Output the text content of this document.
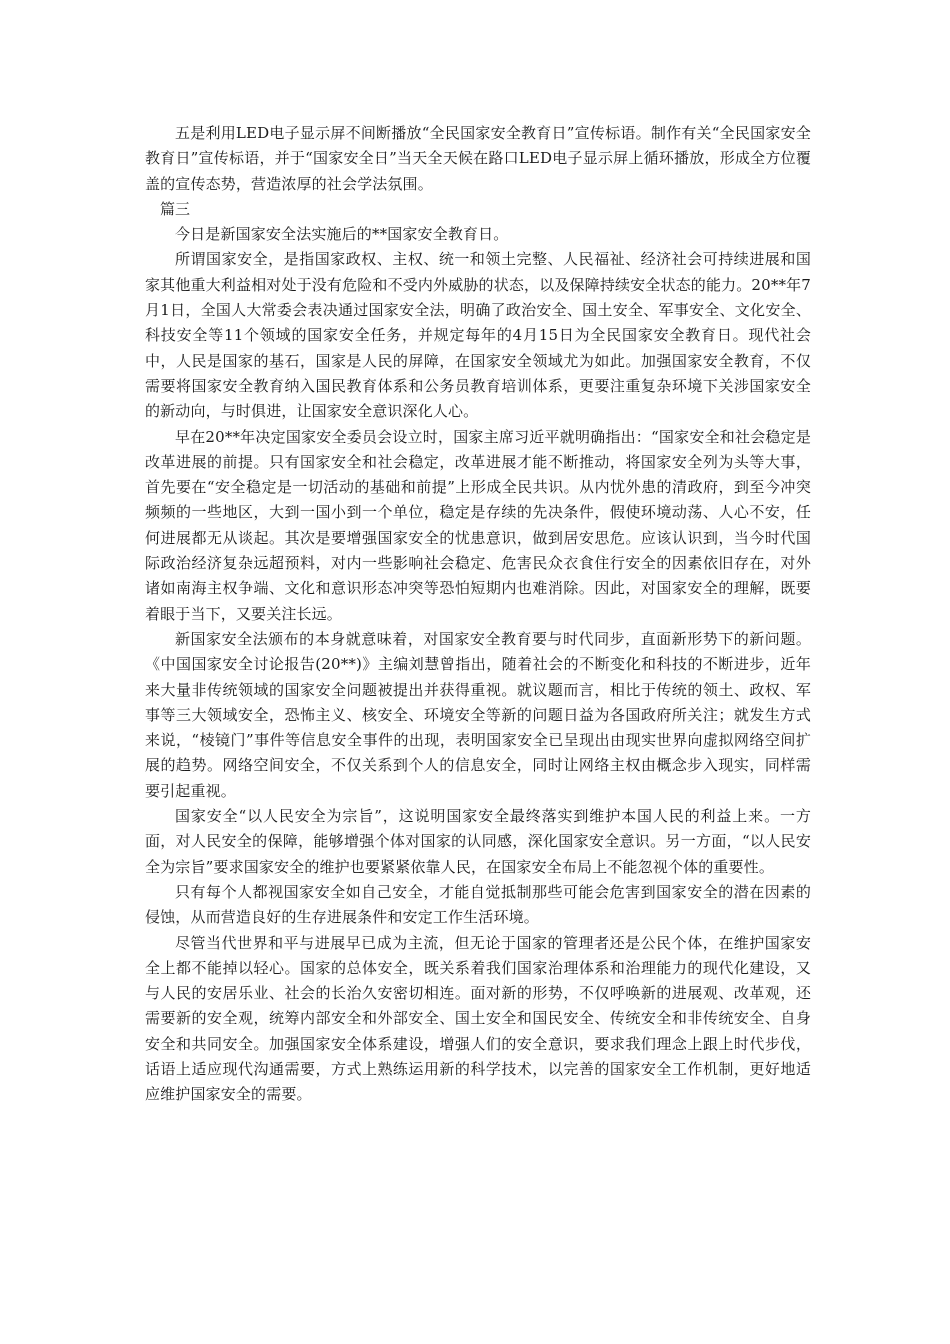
五是利用LED电子显示屏不间断播放“全民国家安全教育日”宣传标语。制作有关“全民国家安全教育日”宣传标语，并于“国家安全日”当天全天候在路口LED电子显示屏上循环播放，形成全方位覆盖的宣传态势，营造浓厚的社会学法氛围。

篇三

今日是新国家安全法实施后的**国家安全教育日。

所谓国家安全，是指国家政权、主权、统一和领土完整、人民福祉、经济社会可持续进展和国家其他重大利益相对处于没有危险和不受内外威胁的状态，以及保障持续安全状态的能力。20**年7月1日，全国人大常委会表决通过国家安全法，明确了政治安全、国土安全、军事安全、文化安全、科技安全等11个领域的国家安全任务，并规定每年的4月15日为全民国家安全教育日。现代社会中，人民是国家的基石，国家是人民的屏障，在国家安全领域尤为如此。加强国家安全教育，不仅需要将国家安全教育纳入国民教育体系和公务员教育培训体系，更要注重复杂环境下关涉国家安全的新动向，与时俱进，让国家安全意识深化人心。

早在20**年决定国家安全委员会设立时，国家主席习近平就明确指出：“国家安全和社会稳定是改革进展的前提。只有国家安全和社会稳定，改革进展才能不断推动，将国家安全列为头等大事，首先要在“安全稳定是一切活动的基础和前提”上形成全民共识。从内忧外患的清政府，到至今冲突频频的一些地区，大到一国小到一个单位，稳定是存续的先决条件，假使环境动荡、人心不安，任何进展都无从谈起。其次是要增强国家安全的忧患意识，做到居安思危。应该认识到，当今时代国际政治经济复杂远超预料，对内一些影响社会稳定、危害民众衣食住行安全的因素依旧存在，对外诸如南海主权争端、文化和意识形态冲突等恐怕短期内也难消除。因此，对国家安全的理解，既要着眼于当下，又要关注长远。

新国家安全法颁布的本身就意味着，对国家安全教育要与时代同步，直面新形势下的新问题。《中国国家安全讨论报告(20**)》主编刘慧曾指出，随着社会的不断变化和科技的不断进步，近年来大量非传统领域的国家安全问题被提出并获得重视。就议题而言，相比于传统的领土、政权、军事等三大领域安全，恐怖主义、核安全、环境安全等新的问题日益为各国政府所关注；就发生方式来说，“棱镜门”事件等信息安全事件的出现，表明国家安全已呈现出由现实世界向虚拟网络空间扩展的趋势。网络空间安全，不仅关系到个人的信息安全，同时让网络主权由概念步入现实，同样需要引起重视。

国家安全“以人民安全为宗旨”，这说明国家安全最终落实到维护本国人民的利益上来。一方面，对人民安全的保障，能够增强个体对国家的认同感，深化国家安全意识。另一方面，“以人民安全为宗旨”要求国家安全的维护也要紧紧依靠人民，在国家安全布局上不能忽视个体的重要性。

只有每个人都视国家安全如自己安全，才能自觉抵制那些可能会危害到国家安全的潜在因素的侵蚀，从而营造良好的生存进展条件和安定工作生活环境。

尽管当代世界和平与进展早已成为主流，但无论于国家的管理者还是公民个体，在维护国家安全上都不能掉以轻心。国家的总体安全，既关系着我们国家治理体系和治理能力的现代化建设，又与人民的安居乐业、社会的长治久安密切相连。面对新的形势，不仅呼唤新的进展观、改革观，还需要新的安全观，统筹内部安全和外部安全、国土安全和国民安全、传统安全和非传统安全、自身安全和共同安全。加强国家安全体系建设，增强人们的安全意识，要求我们理念上跟上时代步伐，话语上适应现代沟通需要，方式上熟练运用新的科学技术，以完善的国家安全工作机制，更好地适应维护国家安全的需要。
